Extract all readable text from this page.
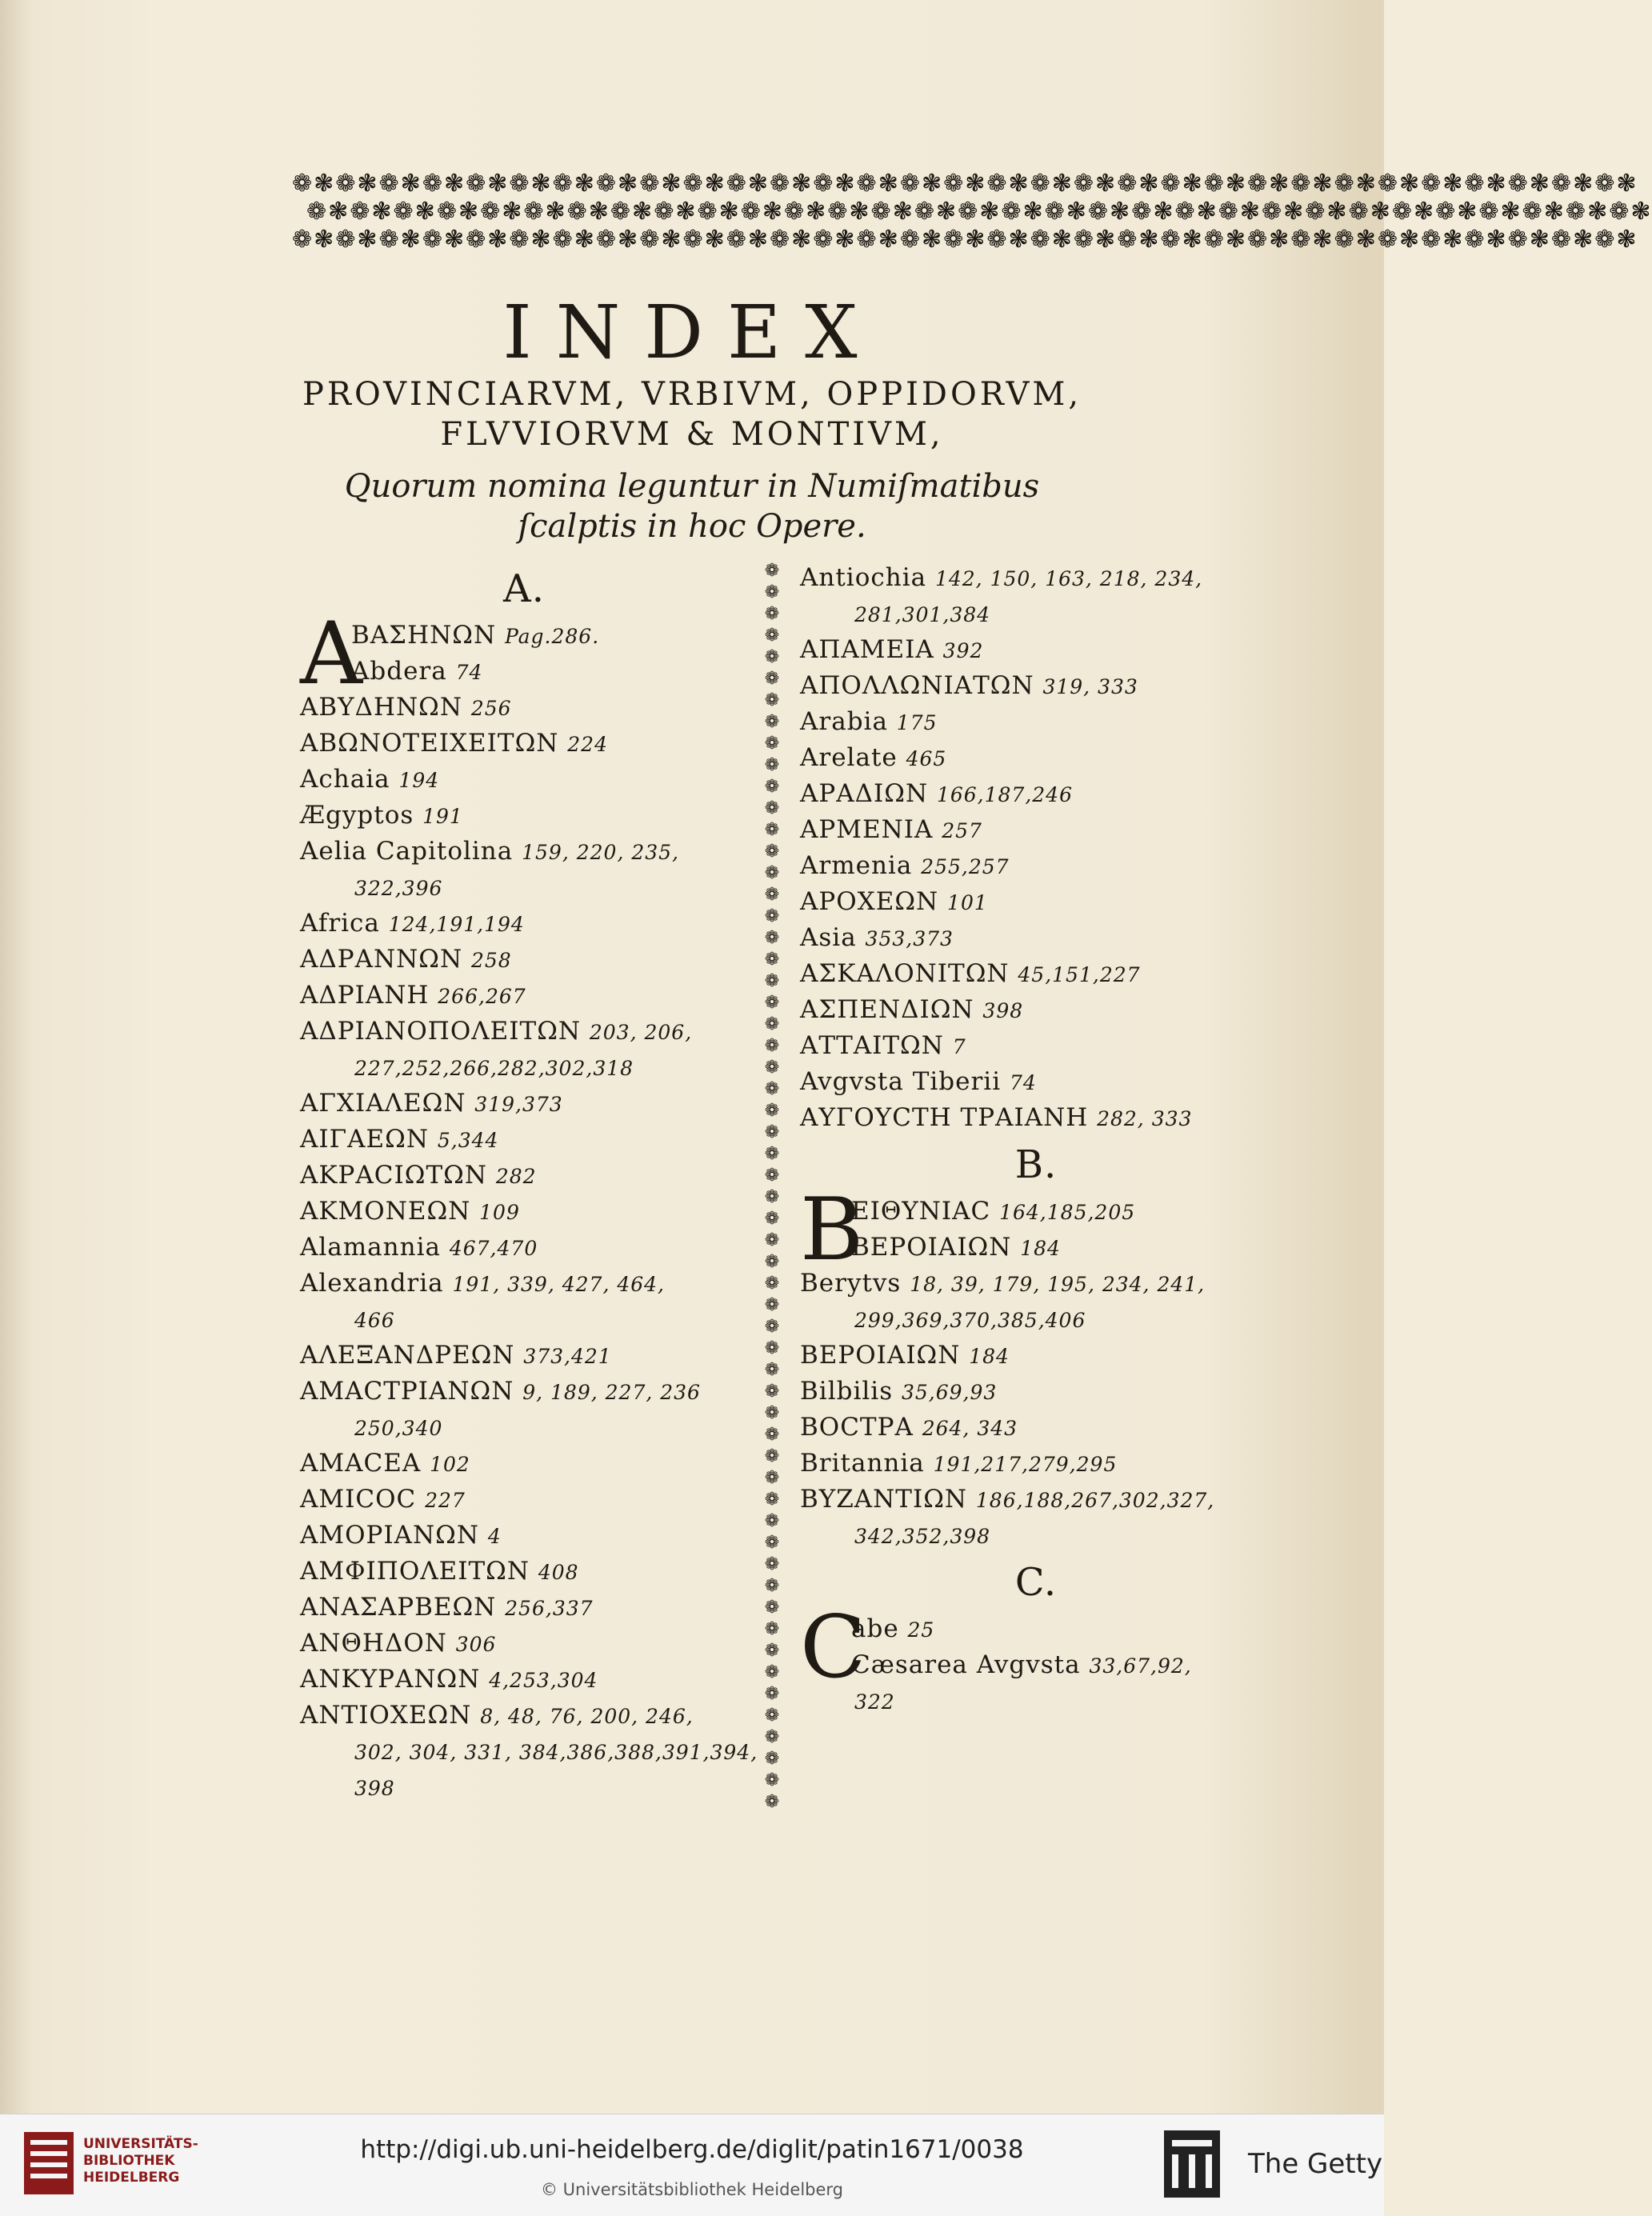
❁❃❁❃❁❃❁❃❁❃❁❃❁❃❁❃❁❃❁❃❁❃❁❃❁❃❁❃❁❃❁❃❁❃❁❃❁❃❁❃❁❃❁❃❁❃❁❃❁❃❁❃❁❃❁❃❁❃❁❃❁❃
❁❃❁❃❁❃❁❃❁❃❁❃❁❃❁❃❁❃❁❃❁❃❁❃❁❃❁❃❁❃❁❃❁❃❁❃❁❃❁❃❁❃❁❃❁❃❁❃❁❃❁❃❁❃❁❃❁❃❁❃❁❃
❁❃❁❃❁❃❁❃❁❃❁❃❁❃❁❃❁❃❁❃❁❃❁❃❁❃❁❃❁❃❁❃❁❃❁❃❁❃❁❃❁❃❁❃❁❃❁❃❁❃❁❃❁❃❁❃❁❃❁❃❁❃
INDEX
PROVINCIARVM, VRBIVM, OPPIDORVM,
FLVVIORVM & MONTIVM,
Quorum nomina leguntur in Numiſmatibus
ſcalptis in hoc Opere.
A.
A
ΒΑΣΗΝΩΝ Pag.286.
Abdera 74
ΑΒΥΔΗΝΩΝ 256
ΑΒΩΝΟΤΕΙΧΕΙΤΩΝ 224
Achaia 194
Ægyptos 191
Aelia Capitolina 159, 220, 235,
322,396
Africa 124,191,194
ΑΔΡΑΝΝΩΝ 258
ΑΔΡΙΑΝΗ 266,267
ΑΔΡΙΑΝΟΠΟΛΕΙΤΩΝ 203, 206,
227,252,266,282,302,318
ΑΓΧΙΑΛΕΩΝ 319,373
ΑΙΓΑΕΩΝ 5,344
ΑΚΡΑCΙΩΤΩΝ 282
ΑΚΜΟΝΕΩΝ 109
Alamannia 467,470
Alexandria 191, 339, 427, 464,
466
ΑΛΕΞΑΝΔΡΕΩΝ 373,421
ΑΜΑCΤΡΙΑΝΩΝ 9, 189, 227, 236
250,340
ΑΜΑCΕΑ 102
ΑΜΙCΟC 227
ΑΜΟΡΙΑΝΩΝ 4
ΑΜΦΙΠΟΛΕΙΤΩΝ 408
ΑΝΑΣΑΡΒΕΩΝ 256,337
ΑΝΘΗΔΟΝ 306
ΑΝΚΥΡΑΝΩΝ 4,253,304
ΑΝΤΙΟΧΕΩΝ 8, 48, 76, 200, 246,
302, 304, 331, 384,386,388,391,394,
398
❁
❁
❁
❁
❁
❁
❁
❁
❁
❁
❁
❁
❁
❁
❁
❁
❁
❁
❁
❁
❁
❁
❁
❁
❁
❁
❁
❁
❁
❁
❁
❁
❁
❁
❁
❁
❁
❁
❁
❁
❁
❁
❁
❁
❁
❁
❁
❁
❁
❁
❁
❁
❁
❁
❁
❁
❁
❁
Antiochia 142, 150, 163, 218, 234,
281,301,384
ΑΠΑΜΕΙΑ 392
ΑΠΟΛΛΩΝΙΑΤΩΝ 319, 333
Arabia 175
Arelate 465
ΑΡΑΔΙΩΝ 166,187,246
ΑΡΜΕΝΙΑ 257
Armenia 255,257
ΑΡΟΧΕΩΝ 101
Asia 353,373
ΑΣΚΑΛΟΝΙΤΩΝ 45,151,227
ΑΣΠΕΝΔΙΩΝ 398
ΑΤΤΑΙΤΩΝ 7
Avgvsta Tiberii 74
ΑΥΓΟΥCΤΗ ΤΡΑΙΑΝΗ 282, 333
B.
B
ΕΙΘΥΝΙΑC 164,185,205
ΒΕΡΟΙΑΙΩΝ 184
Berytvs 18, 39, 179, 195, 234, 241,
299,369,370,385,406
ΒΕΡΟΙΑΙΩΝ 184
Bilbilis 35,69,93
ΒΟCΤΡΑ 264, 343
Britannia 191,217,279,295
ΒΥΖΑΝΤΙΩΝ 186,188,267,302,327,
342,352,398
C.
C
abe 25
Cæsarea Avgvsta 33,67,92,
322
UNIVERSITÄTS-
BIBLIOTHEK
HEIDELBERG
http://digi.ub.uni-heidelberg.de/diglit/patin1671/0038
© Universitätsbibliothek Heidelberg
The Getty
